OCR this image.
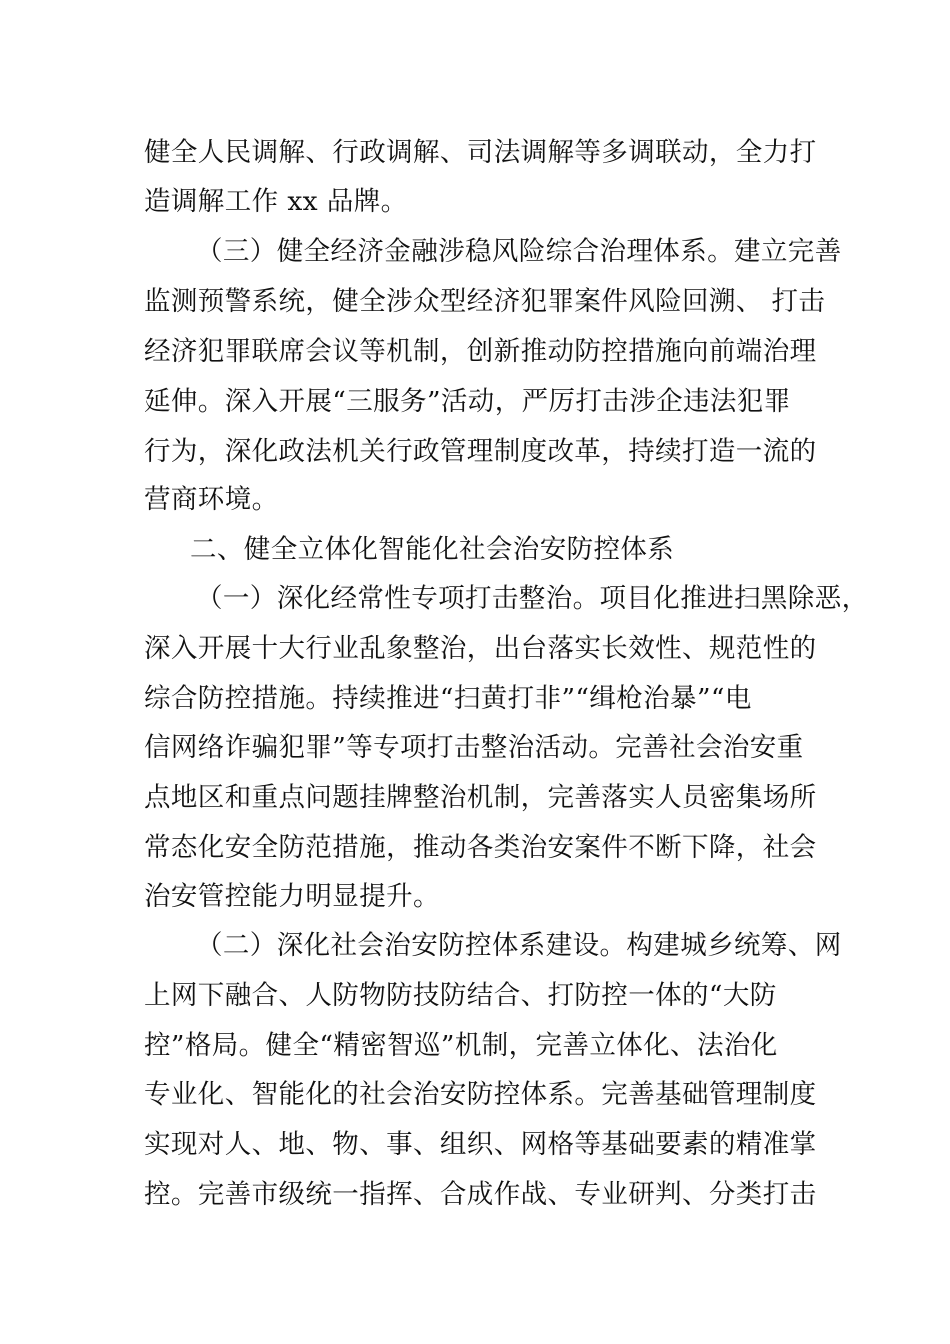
健全人民调解、行政调解、司法调解等多调联动，全力打
造调解工作 xx 品牌。
（三）健全经济金融涉稳风险综合治理体系。建立完善
监测预警系统，健全涉众型经济犯罪案件风险回溯、 打击
经济犯罪联席会议等机制，创新推动防控措施向前端治理
延伸。深入开展“三服务”活动，严厉打击涉企违法犯罪
行为，深化政法机关行政管理制度改革，持续打造一流的
营商环境。
二、健全立体化智能化社会治安防控体系
（一）深化经常性专项打击整治。项目化推进扫黑除恶，
深入开展十大行业乱象整治，出台落实长效性、规范性的
综合防控措施。持续推进“扫黄打非”“缉枪治暴”“电
信网络诈骗犯罪”等专项打击整治活动。完善社会治安重
点地区和重点问题挂牌整治机制，完善落实人员密集场所
常态化安全防范措施，推动各类治安案件不断下降，社会
治安管控能力明显提升。
（二）深化社会治安防控体系建设。构建城乡统筹、网
上网下融合、人防物防技防结合、打防控一体的“大防
控”格局。健全“精密智巡”机制，完善立体化、法治化
专业化、智能化的社会治安防控体系。完善基础管理制度
实现对人、地、物、事、组织、网格等基础要素的精准掌
控。完善市级统一指挥、合成作战、专业研判、分类打击
